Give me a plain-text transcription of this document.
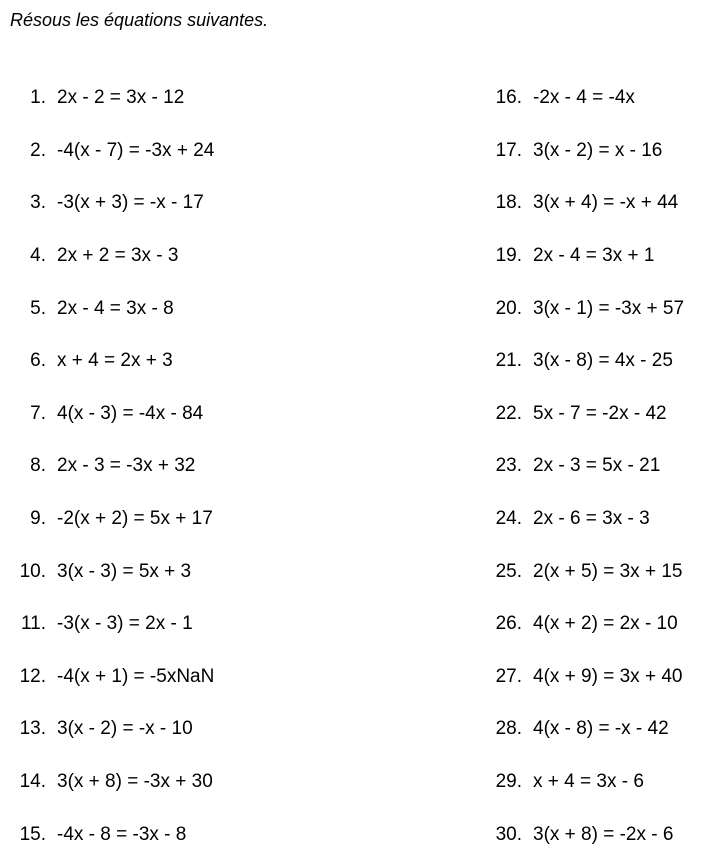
Résous les équations suivantes.
1. 2x - 2 = 3x - 12
2. -4(x - 7) = -3x + 24
3. -3(x + 3) = -x - 17
4. 2x + 2 = 3x - 3
5. 2x - 4 = 3x - 8
6. x + 4 = 2x + 3
7. 4(x - 3) = -4x - 84
8. 2x - 3 = -3x + 32
9. -2(x + 2) = 5x + 17
10. 3(x - 3) = 5x + 3
11. -3(x - 3) = 2x - 1
12. -4(x + 1) = -5xNaN
13. 3(x - 2) = -x - 10
14. 3(x + 8) = -3x + 30
15. -4x - 8 = -3x - 8
16. -2x - 4 = -4x
17. 3(x - 2) = x - 16
18. 3(x + 4) = -x + 44
19. 2x - 4 = 3x + 1
20. 3(x - 1) = -3x + 57
21. 3(x - 8) = 4x - 25
22. 5x - 7 = -2x - 42
23. 2x - 3 = 5x - 21
24. 2x - 6 = 3x - 3
25. 2(x + 5) = 3x + 15
26. 4(x + 2) = 2x - 10
27. 4(x + 9) = 3x + 40
28. 4(x - 8) = -x - 42
29. x + 4 = 3x - 6
30. 3(x + 8) = -2x - 6
